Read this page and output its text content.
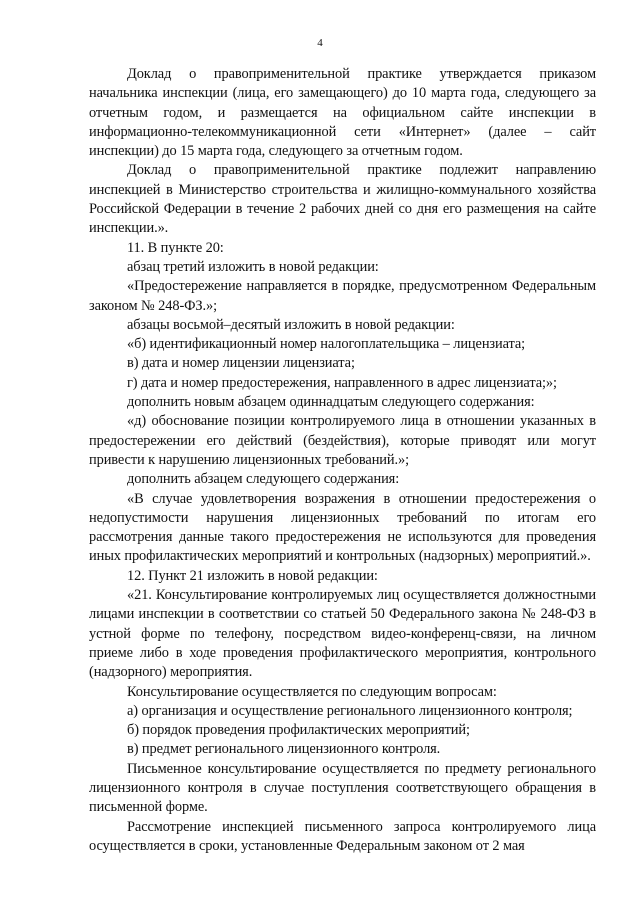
4

Доклад о правоприменительной практике утверждается приказом начальника инспекции (лица, его замещающего) до 10 марта года, следующего за отчетным годом, и размещается на официальном сайте инспекции в информационно-телекоммуникационной сети «Интернет» (далее – сайт инспекции) до 15 марта года, следующего за отчетным годом.

Доклад о правоприменительной практике подлежит направлению инспекцией в Министерство строительства и жилищно-коммунального хозяйства Российской Федерации в течение 2 рабочих дней со дня его размещения на сайте инспекции.».

11. В пункте 20:

абзац третий изложить в новой редакции:

«Предостережение направляется в порядке, предусмотренном Федеральным законом № 248-ФЗ.»;

абзацы восьмой–десятый изложить в новой редакции:

«б) идентификационный номер налогоплательщика – лицензиата;

в) дата и номер лицензии лицензиата;

г) дата и номер предостережения, направленного в адрес лицензиата;»;

дополнить новым абзацем одиннадцатым следующего содержания:

«д) обоснование позиции контролируемого лица в отношении указанных в предостережении его действий (бездействия), которые приводят или могут привести к нарушению лицензионных требований.»;

дополнить абзацем следующего содержания:

«В случае удовлетворения возражения в отношении предостережения о недопустимости нарушения лицензионных требований по итогам его рассмотрения данные такого предостережения не используются для проведения иных профилактических мероприятий и контрольных (надзорных) мероприятий.».

12. Пункт 21 изложить в новой редакции:

«21. Консультирование контролируемых лиц осуществляется должностными лицами инспекции в соответствии со статьей 50 Федерального закона № 248-ФЗ в устной форме по телефону, посредством видео-конференц-связи, на личном приеме либо в ходе проведения профилактического мероприятия, контрольного (надзорного) мероприятия.

Консультирование осуществляется по следующим вопросам:

а) организация и осуществление регионального лицензионного контроля;

б) порядок проведения профилактических мероприятий;

в) предмет регионального лицензионного контроля.

Письменное консультирование осуществляется по предмету регионального лицензионного контроля в случае поступления соответствующего обращения в письменной форме.

Рассмотрение инспекцией письменного запроса контролируемого лица осуществляется в сроки, установленные Федеральным законом от 2 мая
